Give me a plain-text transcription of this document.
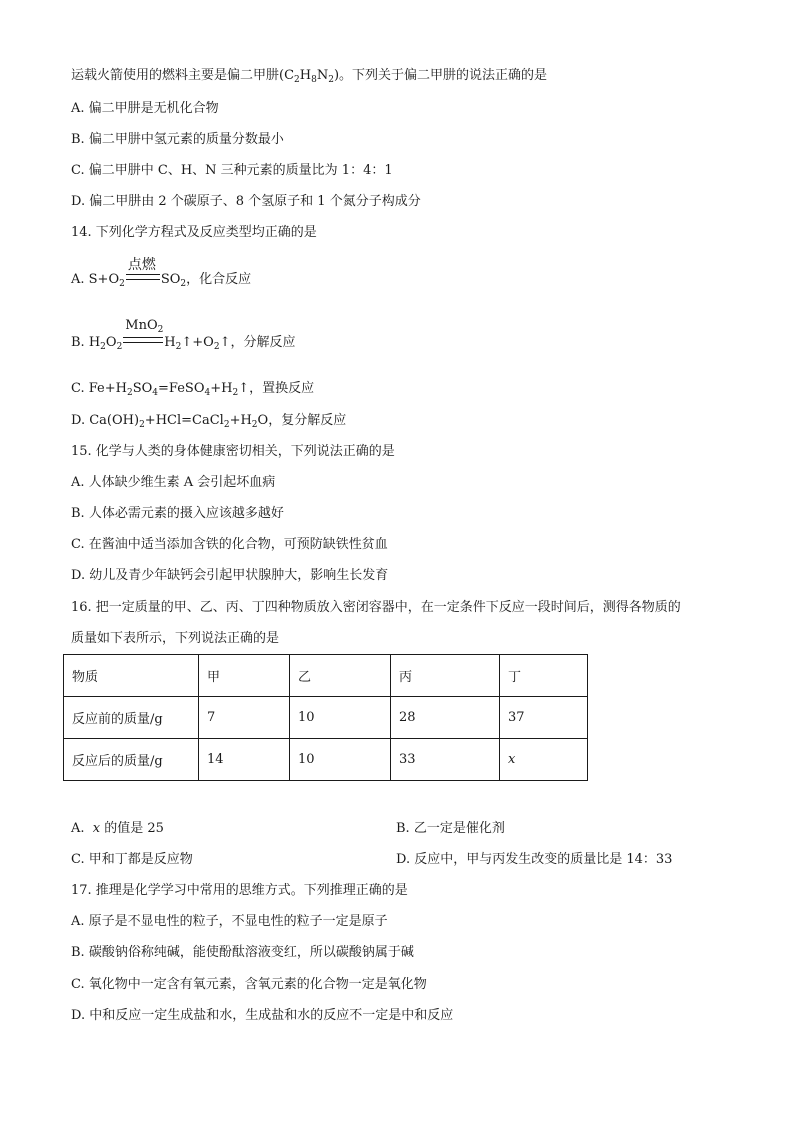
运载火箭使用的燃料主要是偏二甲肼$(C_2H_8N_2)$。下列关于偏二甲肼的说法正确的是
A. 偏二甲肼是无机化合物
B. 偏二甲肼中氢元素的质量分数最小
C. 偏二甲肼中 C、H、N 三种元素的质量比为 1：4：1
D. 偏二甲肼由 2 个碳原子、8 个氢原子和 1 个氮分子构成分
14. 下列化学方程式及反应类型均正确的是
A. $S+O_2$
点燃
$SO_2$，化合反应
B. $H_2O_2$
MnO$_2$
$H_2↑+O_2↑$，分解反应
C. $Fe+H_2SO_4=FeSO_4+H_2↑$，置换反应
D. $Ca(OH)_2+HCl=CaCl_2+H_2O$，复分解反应
15. 化学与人类的身体健康密切相关，下列说法正确的是
A. 人体缺少维生素 A 会引起坏血病
B. 人体必需元素的摄入应该越多越好
C. 在酱油中适当添加含铁的化合物，可预防缺铁性贫血
D. 幼儿及青少年缺钙会引起甲状腺肿大，影响生长发育
16. 把一定质量的甲、乙、丙、丁四种物质放入密闭容器中，在一定条件下反应一段时间后，测得各物质的
质量如下表所示，下列说法正确的是
物质	甲	乙	丙	丁
反应前的质量/g	7	10	28	37
反应后的质量/g	14	10	33	x
A. x 的值是 25	B. 乙一定是催化剂
C. 甲和丁都是反应物	D. 反应中，甲与丙发生改变的质量比是 14：33
17. 推理是化学学习中常用的思维方式。下列推理正确的是
A. 原子是不显电性的粒子，不显电性的粒子一定是原子
B. 碳酸钠俗称纯碱，能使酚酞溶液变红，所以碳酸钠属于碱
C. 氧化物中一定含有氧元素，含氧元素的化合物一定是氧化物
D. 中和反应一定生成盐和水，生成盐和水的反应不一定是中和反应
